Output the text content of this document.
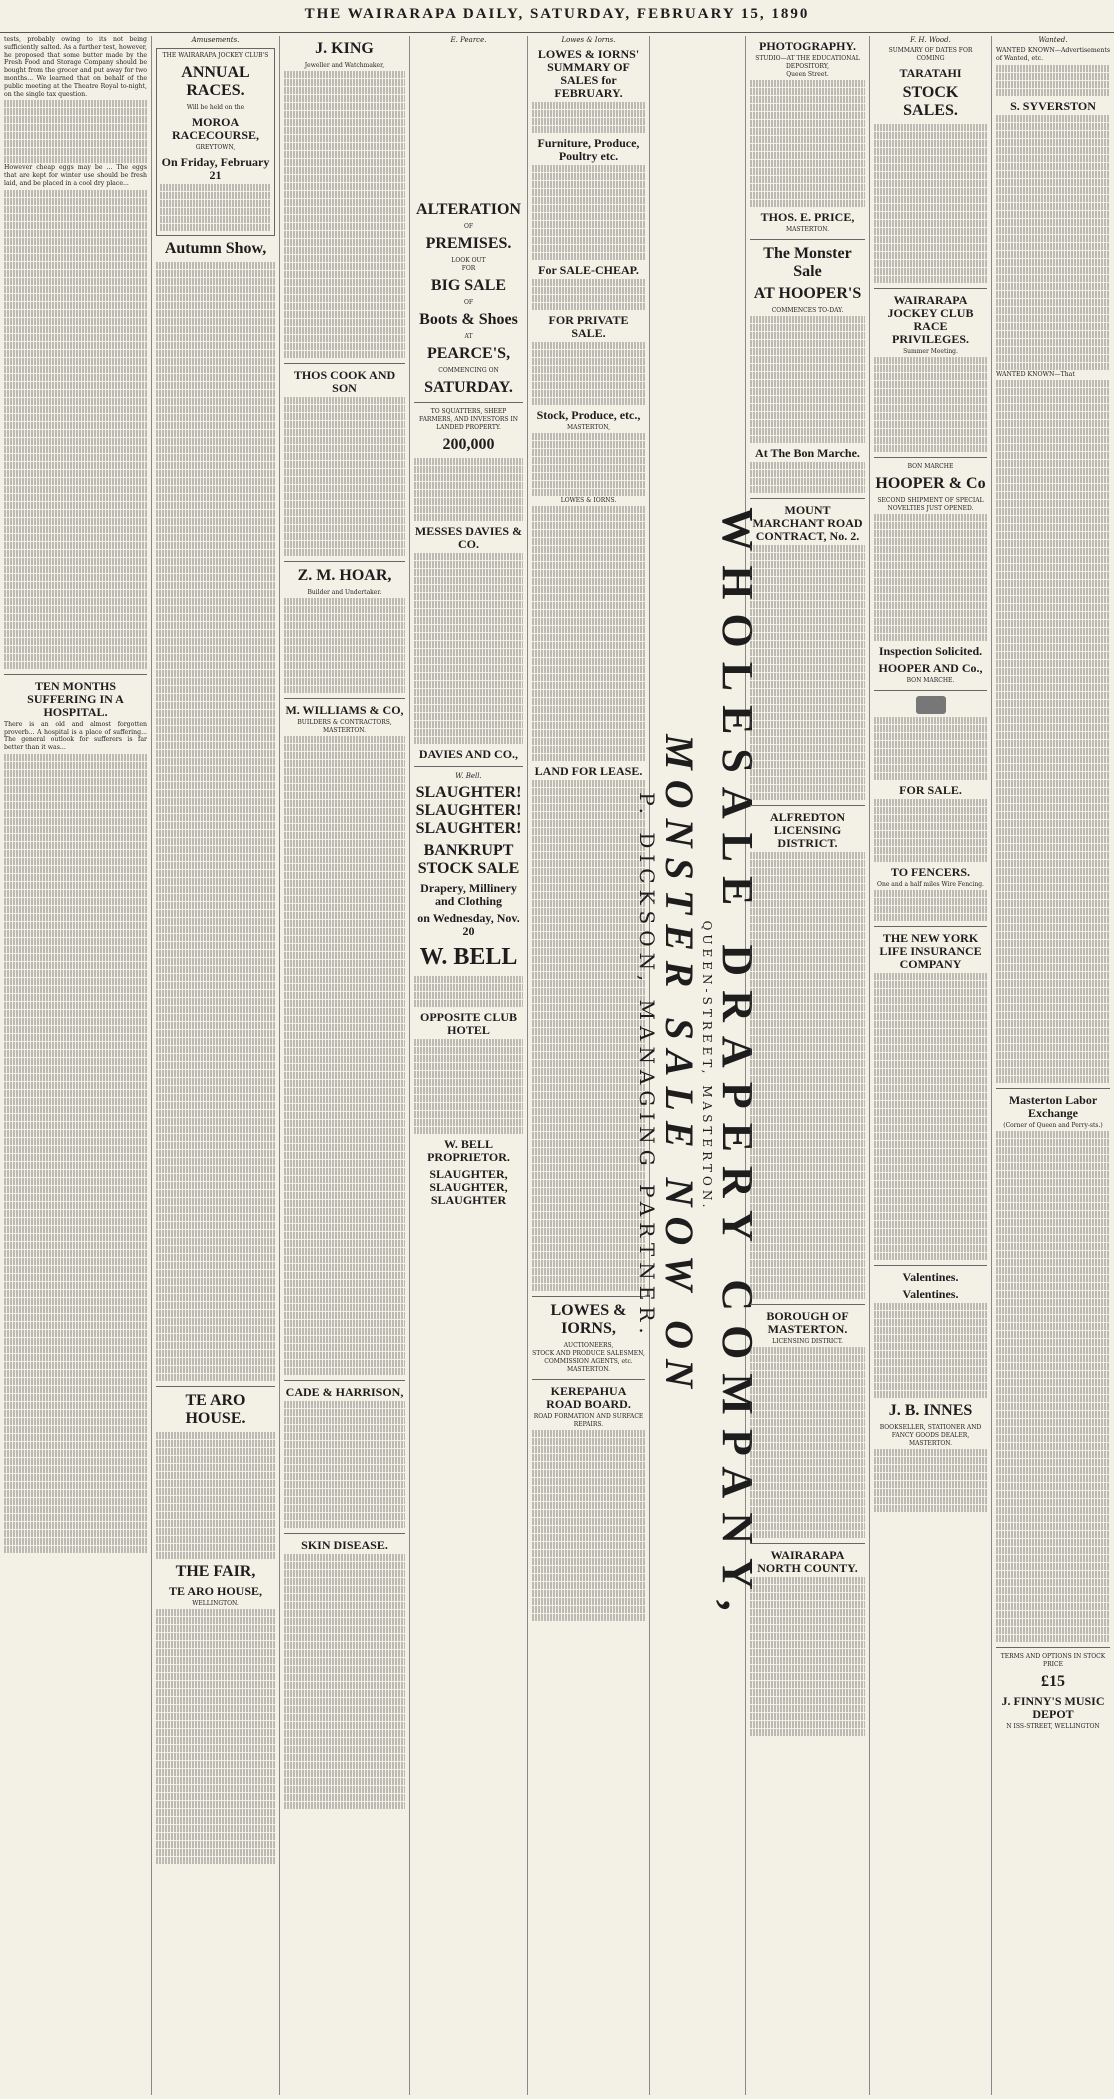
THE WAIRARAPA DAILY, SATURDAY, FEBRUARY 15, 1890

tests, probably owing to its not being sufficiently salted. As a further test, however, he proposed that some butter made by the Fresh Food and Storage Company should be bought from the grocer and put away for two months... We learned that on behalf of the public meeting at the Theatre Royal to-night, on the single tax question.

However cheap eggs may be ... The eggs that are kept for winter use should be fresh laid, and be placed in a cool dry place...

TEN MONTHS SUFFERING IN A HOSPITAL.

There is an old and almost forgotten proverb... A hospital is a place of suffering... The general outlook for sufferers is far better than it was...

Amusements.
THE WAIRARAPA JOCKEY CLUB'S
ANNUAL RACES.
Will be held on the
MOROA RACECOURSE,
GREYTOWN,
On Friday, February 21
Autumn Show,
TE ARO HOUSE.
THE FAIR,
TE ARO HOUSE,
WELLINGTON.
J. KING
Jeweller and Watchmaker,
THOS COOK AND SON
Z. M. HOAR,
Builder and Undertaker.
M. WILLIAMS & CO,
BUILDERS & CONTRACTORS,
MASTERTON.
CADE & HARRISON,
SKIN DISEASE.
E. Pearce.
ALTERATION
OF
PREMISES.
LOOK OUT
FOR
BIG SALE
OF
Boots & Shoes
AT
PEARCE'S,
COMMENCING ON
SATURDAY.
TO SQUATTERS, SHEEP FARMERS, AND INVESTORS IN LANDED PROPERTY.
200,000
MESSES DAVIES & CO.
DAVIES AND CO.,
W. Bell.
SLAUGHTER! SLAUGHTER! SLAUGHTER!
BANKRUPT STOCK SALE
Drapery, Millinery and Clothing
on Wednesday, Nov. 20
W. BELL
OPPOSITE CLUB HOTEL
W. BELL PROPRIETOR.
SLAUGHTER, SLAUGHTER, SLAUGHTER
Lowes & Iorns.
LOWES & IORNS' SUMMARY OF SALES for FEBRUARY.
Furniture, Produce, Poultry etc.
For SALE-CHEAP.
FOR PRIVATE SALE.
Stock, Produce, etc.,
MASTERTON,
LOWES & IORNS.
LAND FOR LEASE.
LOWES & IORNS,
AUCTIONEERS,
STOCK AND PRODUCE SALESMEN,
COMMISSION AGENTS, etc.
MASTERTON.
KEREPAHUA ROAD BOARD.
ROAD FORMATION AND SURFACE REPAIRS.	WHOLESALE DRAPERY COMPANY,
QUEEN-STREET, MASTERTON.
MONSTER SALE NOW ON
P. DICKSON, MANAGING PARTNER.
PHOTOGRAPHY.
STUDIO—AT THE EDUCATIONAL DEPOSITORY,
Queen Street.
THOS. E. PRICE,
MASTERTON.
The Monster Sale
AT HOOPER'S
COMMENCES TO-DAY.
At The Bon Marche.
MOUNT MARCHANT ROAD CONTRACT, No. 2.
ALFREDTON LICENSING DISTRICT.
BOROUGH OF MASTERTON.
LICENSING DISTRICT.
WAIRARAPA NORTH COUNTY.
F. H. Wood.
SUMMARY OF DATES FOR COMING
TARATAHI
STOCK SALES.
WAIRARAPA JOCKEY CLUB RACE PRIVILEGES.
Summer Meeting.
BON MARCHE
HOOPER & Co
SECOND SHIPMENT OF SPECIAL NOVELTIES JUST OPENED.
Inspection Solicited.
HOOPER AND Co.,
BON MARCHE.
FOR SALE.
TO FENCERS.
One and a half miles Wire Fencing.
THE NEW YORK LIFE INSURANCE COMPANY
Valentines.
Valentines.
J. B. INNES
BOOKSELLER, STATIONER AND FANCY GOODS DEALER, MASTERTON.
Wanted.

WANTED KNOWN—Advertisements of Wanted, etc.

S. SYVERSTON

WANTED KNOWN—That

Masterton Labor Exchange
(Corner of Queen and Perry-sts.)
TERMS AND OPTIONS IN STOCK PRICE
£15
J. FINNY'S MUSIC DEPOT
N ISS-STREET, WELLINGTON
